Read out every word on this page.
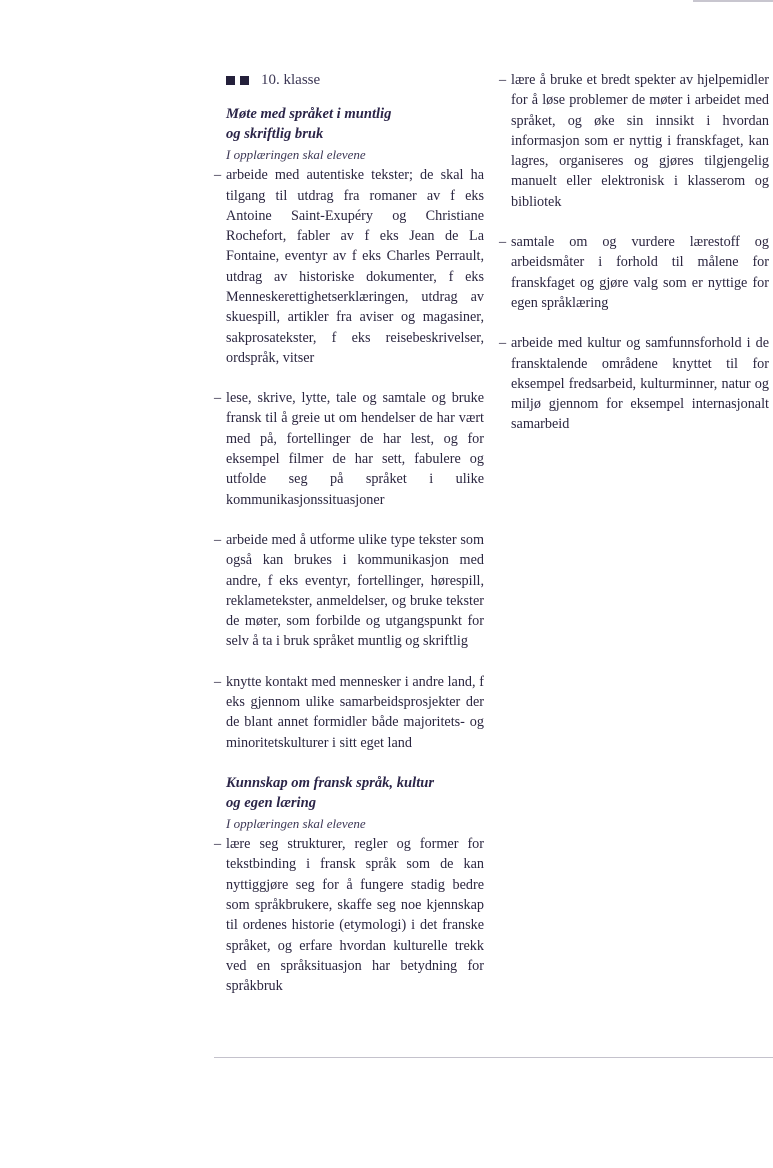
10. klasse
Møte med språket i muntlig
og skriftlig bruk
I opplæringen skal elevene
– arbeide med autentiske tekster; de skal ha tilgang til utdrag fra romaner av f eks Antoine Saint-Exupéry og Christiane Rochefort, fabler av f eks Jean de La Fontaine, eventyr av f eks Charles Perrault, utdrag av historiske dokumenter, f eks Menneskerettighetserklæringen, utdrag av skuespill, artikler fra aviser og magasiner, sakprosatekster, f eks reisebeskrivelser, ordspråk, vitser
– lese, skrive, lytte, tale og samtale og bruke fransk til å greie ut om hendelser de har vært med på, fortellinger de har lest, og for eksempel filmer de har sett, fabulere og utfolde seg på språket i ulike kommunikasjonssituasjoner
– arbeide med å utforme ulike type tekster som også kan brukes i kommunikasjon med andre, f eks eventyr, fortellinger, hørespill, reklametekster, anmeldelser, og bruke tekster de møter, som forbilde og utgangspunkt for selv å ta i bruk språket muntlig og skriftlig
– knytte kontakt med mennesker i andre land, f eks gjennom ulike samarbeidsprosjekter der de blant annet formidler både majoritets- og minoritetskulturer i sitt eget land
Kunnskap om fransk språk, kultur
og egen læring
I opplæringen skal elevene
– lære seg strukturer, regler og former for tekstbinding i fransk språk som de kan nyttiggjøre seg for å fungere stadig bedre som språkbrukere, skaffe seg noe kjennskap til ordenes historie (etymologi) i det franske språket, og erfare hvordan kulturelle trekk ved en språksituasjon har betydning for språkbruk
– lære å bruke et bredt spekter av hjelpemidler for å løse problemer de møter i arbeidet med språket, og øke sin innsikt i hvordan informasjon som er nyttig i franskfaget, kan lagres, organiseres og gjøres tilgjengelig manuelt eller elektronisk i klasserom og bibliotek
– samtale om og vurdere lærestoff og arbeidsmåter i forhold til målene for franskfaget og gjøre valg som er nyttige for egen språklæring
– arbeide med kultur og samfunnsforhold i de fransktalende områdene knyttet til for eksempel fredsarbeid, kulturminner, natur og miljø gjennom for eksempel internasjonalt samarbeid
